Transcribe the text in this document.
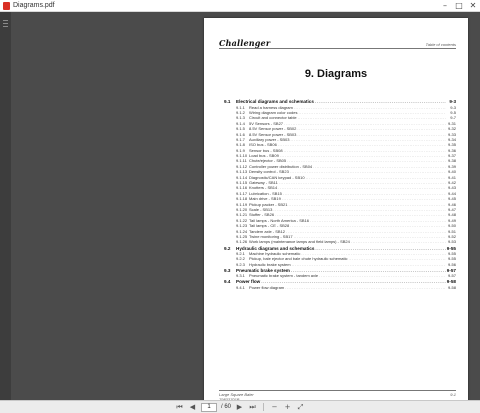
Diagrams.pdf	–	□ ✕
Challenger	Table of contents
9. Diagrams
9.1	Electrical diagrams and schematics .....	9-3
9.1.1	Read a harness diagram .....	9-3
9.1.2	Wiring diagram color codes .....	9-5
9.1.3	Circuit and connector table .....	9-7
9.1.4	5V Sensors - SB27 .....	9-31
9.1.5	8.5V Sensor power - SB02 .....	9-32
9.1.6	8.5V Sensor power - SB03 .....	9-33
9.1.7	Auxiliary power - SB03 .....	9-34
9.1.8	ISO bus - SB06 .....	9-35
9.1.9	Sensor bus - SB08 .....	9-36
9.1.10 Load bus - SB09 .....	9-37
9.1.11 Chute/ejector - SB05 .....	9-38
9.1.12 Controller power distribution - SB04 .....	9-39
9.1.13 Density control - SB23 .....	9-40
9.1.14 Diagnostic/CAN keypad - SB10 .....	9-41
9.1.15 Gateway - SB11 .....	9-42
9.1.16 Knotters - SB14 .....	9-43
9.1.17 Lubrication - SB15 .....	9-44
9.1.18 Main drive - SB19 .....	9-45
9.1.19 Pickup packer - SB21 .....	9-46
9.1.20 Scale - SB13 .....	9-47
9.1.21 Stuffer - SB26 .....	9-48
9.1.22 Tail lamps - North America - SB16 .....	9-49
9.1.23 Tail lamps - CE - SB28 .....	9-50
9.1.24 Tandem axle - SB12 .....	9-51
9.1.25 Twine monitoring - SB17 .....	9-52
9.1.26 Work lamps (maintenance lamps and field lamps) - SB24 .....	9-53
9.2	Hydraulic diagrams and schematics .....	9-55
9.2.1	Machine hydraulic schematic .....	9-55
9.2.2	Pickup, bale ejector and bale chute hydraulic schematic .....	9-55
9.2.3	Hydraulic brake system .....	9-56
9.3	Pneumatic brake system .....	9-57
9.3.1	Pneumatic brake system - tandem axle .....	9-57
9.4	Power flow .....	9-58
9.4.1	Power flow diagram .....	9-58
Large Square Baler	9-1
⏮ ◀	1	/ 60 ▶ ⏭ − + ⤢
